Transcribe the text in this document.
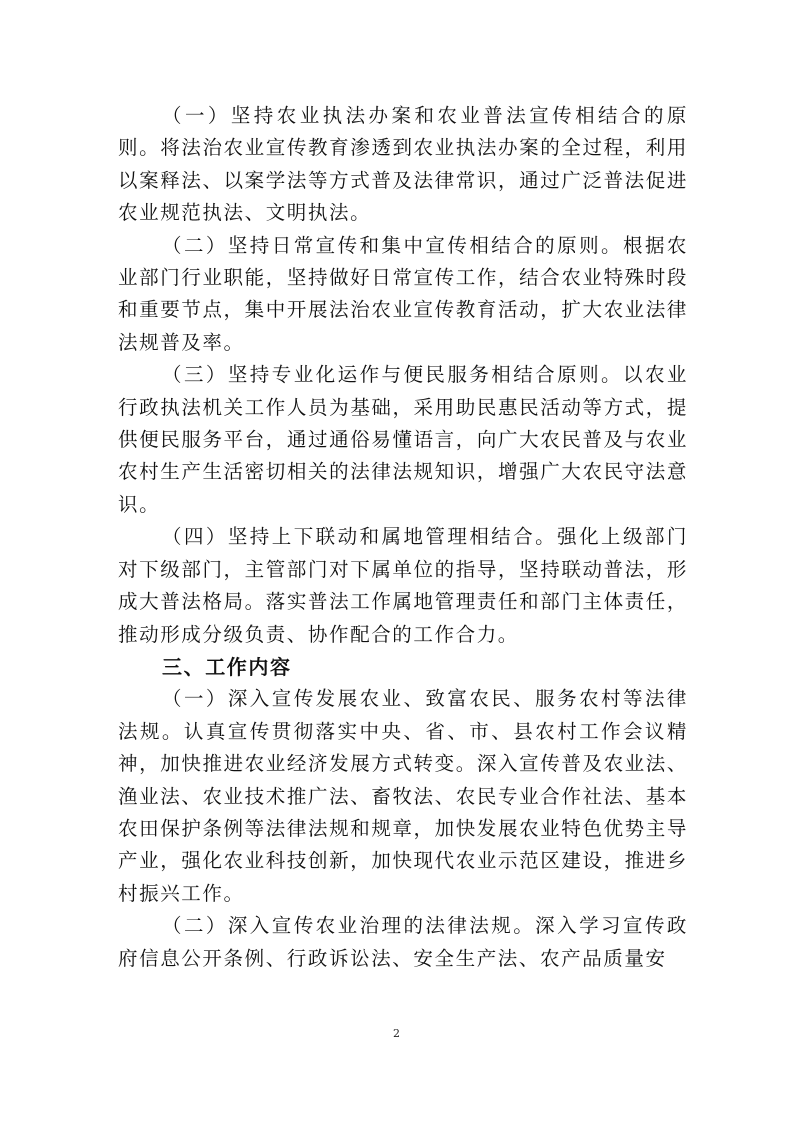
（一）坚持农业执法办案和农业普法宣传相结合的原则。将法治农业宣传教育渗透到农业执法办案的全过程，利用以案释法、以案学法等方式普及法律常识，通过广泛普法促进农业规范执法、文明执法。

（二）坚持日常宣传和集中宣传相结合的原则。根据农业部门行业职能，坚持做好日常宣传工作，结合农业特殊时段和重要节点，集中开展法治农业宣传教育活动，扩大农业法律法规普及率。

（三）坚持专业化运作与便民服务相结合原则。以农业行政执法机关工作人员为基础，采用助民惠民活动等方式，提供便民服务平台，通过通俗易懂语言，向广大农民普及与农业农村生产生活密切相关的法律法规知识，增强广大农民守法意识。

（四）坚持上下联动和属地管理相结合。强化上级部门对下级部门，主管部门对下属单位的指导，坚持联动普法，形成大普法格局。落实普法工作属地管理责任和部门主体责任，推动形成分级负责、协作配合的工作合力。

三、工作内容

（一）深入宣传发展农业、致富农民、服务农村等法律法规。认真宣传贯彻落实中央、省、市、县农村工作会议精神，加快推进农业经济发展方式转变。深入宣传普及农业法、渔业法、农业技术推广法、畜牧法、农民专业合作社法、基本农田保护条例等法律法规和规章，加快发展农业特色优势主导产业，强化农业科技创新，加快现代农业示范区建设，推进乡村振兴工作。

（二）深入宣传农业治理的法律法规。深入学习宣传政府信息公开条例、行政诉讼法、安全生产法、农产品质量安

2
